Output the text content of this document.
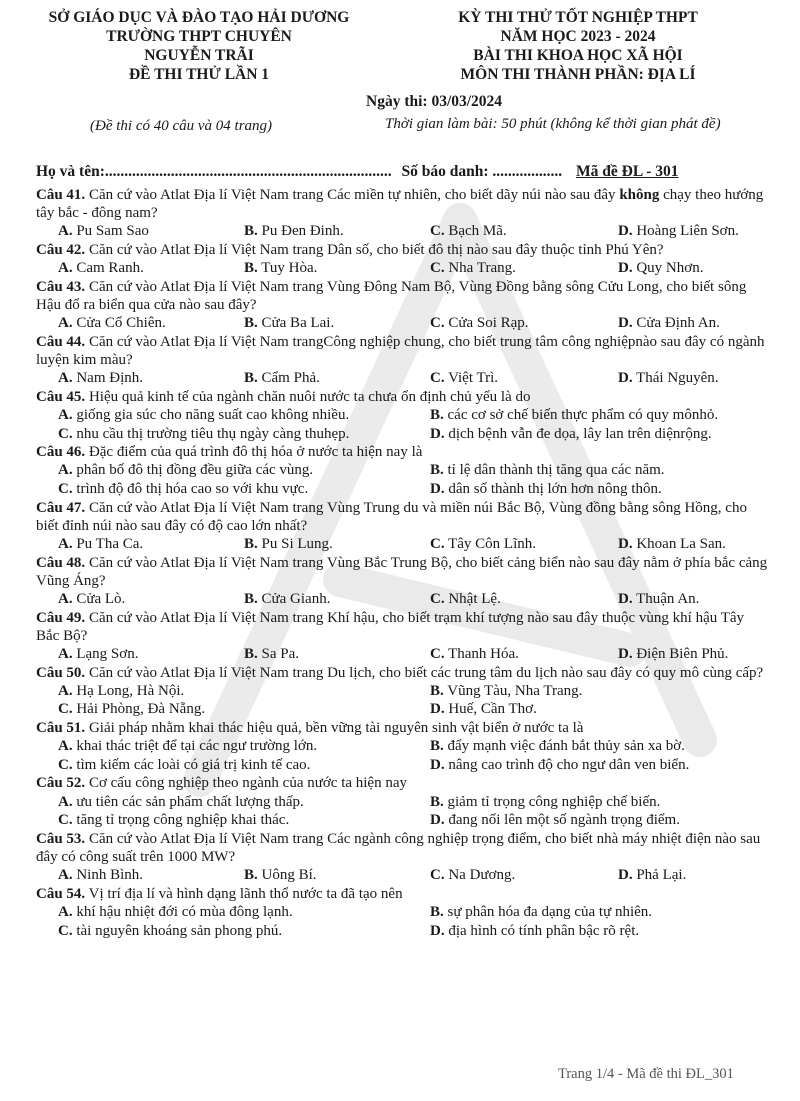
SỞ GIÁO DỤC VÀ ĐÀO TẠO HẢI DƯƠNG
TRƯỜNG THPT CHUYÊN
NGUYỄN TRÃI
ĐỀ THI THỬ LẦN 1
KỲ THI THỬ TỐT NGHIỆP THPT
NĂM HỌC 2023 - 2024
BÀI THI KHOA HỌC XÃ HỘI
MÔN THI THÀNH PHẦN: ĐỊA LÍ
Ngày thi: 03/03/2024
(Đề thi có 40 câu và 04 trang)	Thời gian làm bài: 50 phút (không kể thời gian phát đề)
Họ và tên:.......................................................................... Số báo danh: .................. Mã đề ĐL - 301

Câu 41. Căn cứ vào Atlat Địa lí Việt Nam trang Các miền tự nhiên, cho biết dãy núi nào sau đây không chạy theo hướng tây bắc - đông nam?

A. Pu Sam Sao	B. Pu Đen Đinh.	C. Bạch Mã.	D. Hoàng Liên Sơn.

Câu 42. Căn cứ vào Atlat Địa lí Việt Nam trang Dân số, cho biết đô thị nào sau đây thuộc tỉnh Phú Yên?

A. Cam Ranh.	B. Tuy Hòa.	C. Nha Trang.	D. Quy Nhơn.

Câu 43. Căn cứ vào Atlat Địa lí Việt Nam trang Vùng Đông Nam Bộ, Vùng Đồng bằng sông Cửu Long, cho biết sông Hậu đổ ra biển qua cửa nào sau đây?

A. Cửa Cổ Chiên.	B. Cửa Ba Lai.	C. Cửa Soi Rạp.	D. Cửa Định An.

Câu 44. Căn cứ vào Atlat Địa lí Việt Nam trangCông nghiệp chung, cho biết trung tâm công nghiệpnào sau đây có ngành luyện kim màu?

A. Nam Định.	B. Cẩm Phả.	C. Việt Trì.	D. Thái Nguyên.

Câu 45. Hiệu quả kinh tế của ngành chăn nuôi nước ta chưa ổn định chủ yếu là do

A. giống gia súc cho năng suất cao không nhiều.	B. các cơ sở chế biến thực phẩm có quy mônhỏ.
C. nhu cầu thị trường tiêu thụ ngày càng thuhẹp.	D. dịch bệnh vẫn đe dọa, lây lan trên diệnrộng.

Câu 46. Đặc điểm của quá trình đô thị hóa ở nước ta hiện nay là

A. phân bố đô thị đồng đều giữa các vùng.	B. tỉ lệ dân thành thị tăng qua các năm.
C. trình độ đô thị hóa cao so với khu vực.	D. dân số thành thị lớn hơn nông thôn.

Câu 47. Căn cứ vào Atlat Địa lí Việt Nam trang Vùng Trung du và miền núi Bắc Bộ, Vùng đồng bằng sông Hồng, cho biết đỉnh núi nào sau đây có độ cao lớn nhất?

A. Pu Tha Ca.	B. Pu Si Lung.	C. Tây Côn Lĩnh.	D. Khoan La San.

Câu 48. Căn cứ vào Atlat Địa lí Việt Nam trang Vùng Bắc Trung Bộ, cho biết cảng biển nào sau đây nằm ở phía bắc cảng Vũng Áng?

A. Cửa Lò.	B. Cửa Gianh.	C. Nhật Lệ.	D. Thuận An.

Câu 49. Căn cứ vào Atlat Địa lí Việt Nam trang Khí hậu, cho biết trạm khí tượng nào sau đây thuộc vùng khí hậu Tây Bắc Bộ?

A. Lạng Sơn.	B. Sa Pa.	C. Thanh Hóa.	D. Điện Biên Phủ.

Câu 50. Căn cứ vào Atlat Địa lí Việt Nam trang Du lịch, cho biết các trung tâm du lịch nào sau đây có quy mô cùng cấp?

A. Hạ Long, Hà Nội.	B. Vũng Tàu, Nha Trang.
C. Hải Phòng, Đà Nẵng.	D. Huế, Cần Thơ.

Câu 51. Giải pháp nhằm khai thác hiệu quả, bền vững tài nguyên sinh vật biển ở nước ta là

A. khai thác triệt để tại các ngư trường lớn.	B. đẩy mạnh việc đánh bắt thủy sản xa bờ.
C. tìm kiếm các loài có giá trị kinh tế cao.	D. nâng cao trình độ cho ngư dân ven biển.

Câu 52. Cơ cấu công nghiệp theo ngành của nước ta hiện nay

A. ưu tiên các sản phẩm chất lượng thấp.	B. giảm tỉ trọng công nghiệp chế biến.
C. tăng tỉ trọng công nghiệp khai thác.	D. đang nổi lên một số ngành trọng điểm.

Câu 53. Căn cứ vào Atlat Địa lí Việt Nam trang Các ngành công nghiệp trọng điểm, cho biết nhà máy nhiệt điện nào sau đây có công suất trên 1000 MW?

A. Ninh Bình.	B. Uông Bí.	C. Na Dương.	D. Phả Lại.

Câu 54. Vị trí địa lí và hình dạng lãnh thổ nước ta đã tạo nên

A. khí hậu nhiệt đới có mùa đông lạnh.	B. sự phân hóa đa dạng của tự nhiên.
C. tài nguyên khoáng sản phong phú.	D. địa hình có tính phân bậc rõ rệt.
Trang 1/4 - Mã đề thi ĐL_301
